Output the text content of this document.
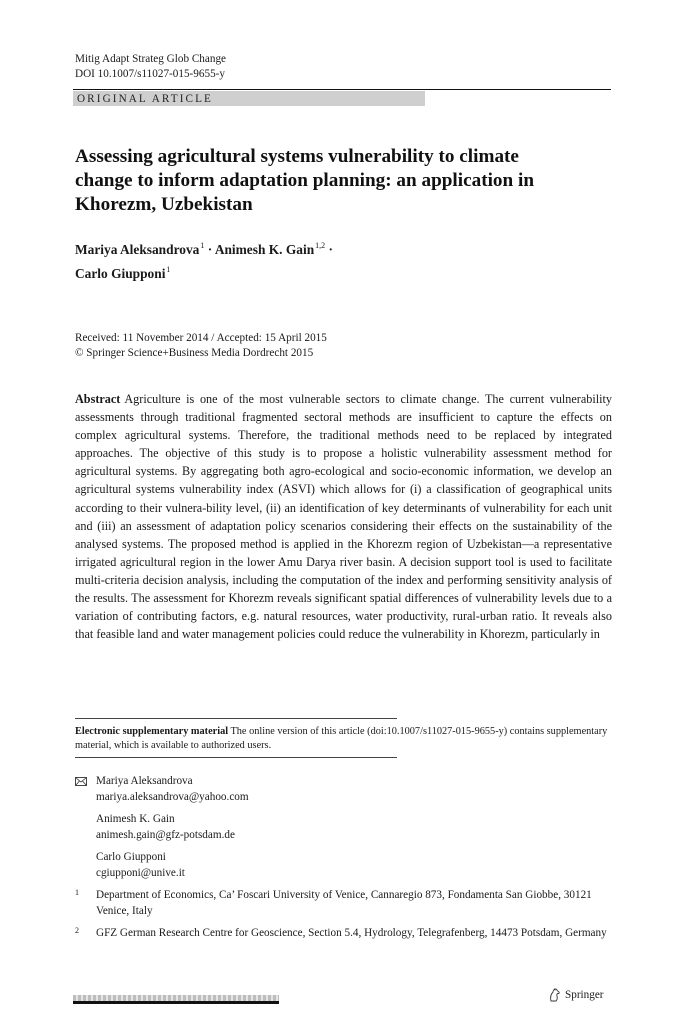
Mitig Adapt Strateg Glob Change
DOI 10.1007/s11027-015-9655-y
ORIGINAL ARTICLE
Assessing agricultural systems vulnerability to climate change to inform adaptation planning: an application in Khorezm, Uzbekistan
Mariya Aleksandrova$^1$ · Animesh K. Gain$^{1,2}$ ·
Carlo Giupponi$^1$
Received: 11 November 2014 / Accepted: 15 April 2015
© Springer Science+Business Media Dordrecht 2015
Abstract Agriculture is one of the most vulnerable sectors to climate change. The current vulnerability assessments through traditional fragmented sectoral methods are insufficient to capture the effects on complex agricultural systems. Therefore, the traditional methods need to be replaced by integrated approaches. The objective of this study is to propose a holistic vulnerability assessment method for agricultural systems. By aggregating both agro-ecological and socio-economic information, we develop an agricultural systems vulnerability index (ASVI) which allows for (i) a classification of geographical units according to their vulnera-bility level, (ii) an identification of key determinants of vulnerability for each unit and (iii) an assessment of adaptation policy scenarios considering their effects on the sustainability of the analysed systems. The proposed method is applied in the Khorezm region of Uzbekistan—a representative irrigated agricultural region in the lower Amu Darya river basin. A decision support tool is used to facilitate multi-criteria decision analysis, including the computation of the index and performing sensitivity analysis of the results. The assessment for Khorezm reveals significant spatial differences of vulnerability levels due to a variation of contributing factors, e.g. natural resources, water productivity, rural-urban ratio. It reveals also that feasible land and water management policies could reduce the vulnerability in Khorezm, particularly in
Electronic supplementary material The online version of this article (doi:10.1007/s11027-015-9655-y) contains supplementary material, which is available to authorized users.
Mariya Aleksandrova
mariya.aleksandrova@yahoo.com
Animesh K. Gain
animesh.gain@gfz-potsdam.de
Carlo Giupponi
cgiupponi@unive.it
1 Department of Economics, Ca’ Foscari University of Venice, Cannaregio 873, Fondamenta San Giobbe, 30121 Venice, Italy
2 GFZ German Research Centre for Geoscience, Section 5.4, Hydrology, Telegrafenberg, 14473 Potsdam, Germany
Springer
